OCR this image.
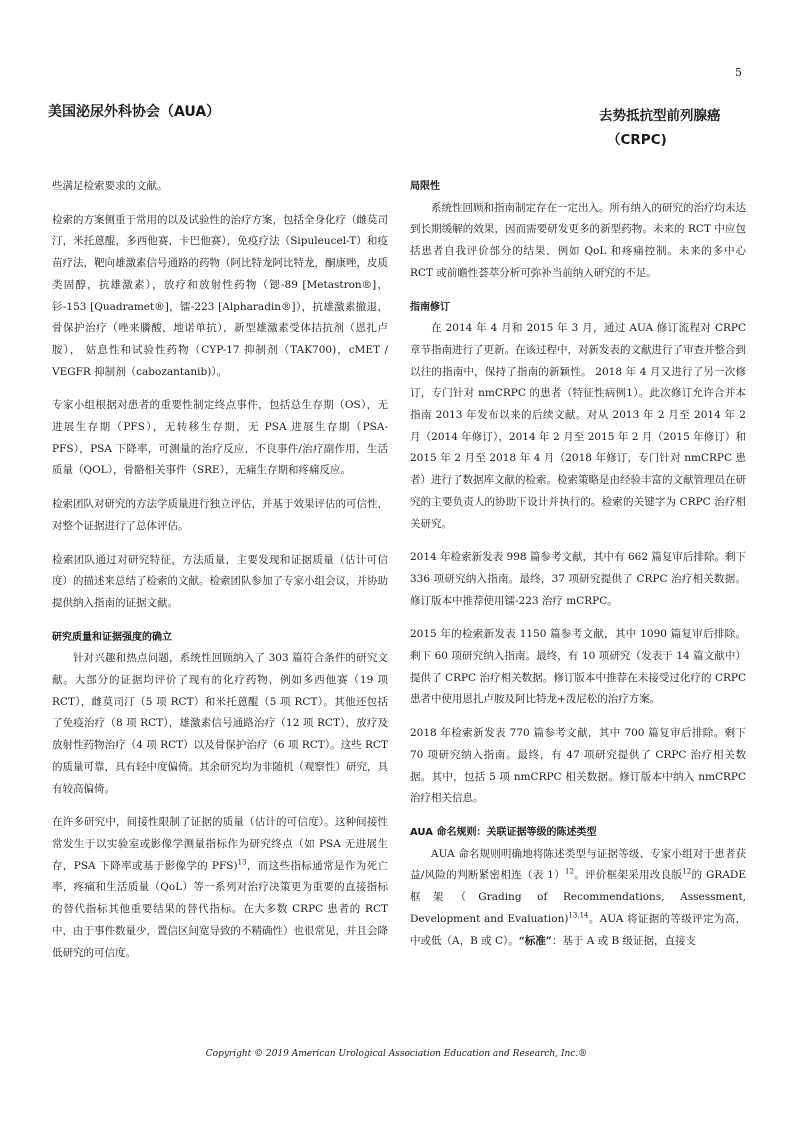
5
美国泌尿外科协会（AUA）	去势抵抗型前列腺癌
（CRPC)

些满足检索要求的文献。

检索的方案侧重于常用的以及试验性的治疗方案，包括全身化疗（雌莫司汀，米托蒽醌，多西他赛，卡巴他赛），免疫疗法（Sipuleucel-T）和疫苗疗法，靶向雄激素信号通路的药物（阿比特龙阿比特龙，酮康唑，皮质类固醇，抗雄激素），放疗和放射性药物（锶-89 [Metastron®]，钐-153 [Quadramet®]，镭-223 [Alpharadin®]），抗雄激素撤退，骨保护治疗（唑来膦酸，地诺单抗），新型雄激素受体拮抗剂（恩扎卢胺）， 姑息性和试验性药物（CYP-17 抑制剂（TAK700)，cMET / VEGFR 抑制剂（cabozantanib)）。

专家小组根据对患者的重要性制定终点事件，包括总生存期（OS），无进展生存期（PFS），无转移生存期，无 PSA 进展生存期（PSA-PFS），PSA 下降率，可测量的治疗反应，不良事件/治疗副作用，生活质量（QOL），骨骼相关事件（SRE），无痛生存期和疼痛反应。

检索团队对研究的方法学质量进行独立评估，并基于效果评估的可信性，对整个证据进行了总体评估。

检索团队通过对研究特征，方法质量，主要发现和证据质量（估计可信度）的描述来总结了检索的文献。检索团队参加了专家小组会议，并协助提供纳入指南的证据文献。

研究质量和证据强度的确立

针对兴趣和热点问题，系统性回顾纳入了 303 篇符合条件的研究文献。大部分的证据均评价了现有的化疗药物，例如多西他赛（19 项 RCT），雌莫司汀（5 项 RCT）和米托蒽醌（5 项 RCT）。其他还包括了免疫治疗（8 项 RCT），雄激素信号通路治疗（12 项 RCT），放疗及放射性药物治疗（4 项 RCT）以及骨保护治疗（6 项 RCT）。这些 RCT 的质量可靠，具有轻中度偏倚。其余研究均为非随机（观察性）研究，具有较高偏倚。

在许多研究中，间接性限制了证据的质量（估计的可信度）。这种间接性常发生于以实验室或影像学测量指标作为研究终点（如 PSA 无进展生存，PSA 下降率或基于影像学的 PFS)$^{13}$，而这些指标通常是作为死亡率，疼痛和生活质量（QoL）等一系列对治疗决策更为重要的直接指标的替代指标其他重要结果的替代指标。在大多数 CRPC 患者的 RCT 中，由于事件数量少，置信区间宽导致的不精确性）也很常见，并且会降低研究的可信度。

局限性

系统性回顾和指南制定存在一定出入。所有纳入的研究的治疗均未达到长期缓解的效果，因而需要研发更多的新型药物。未来的 RCT 中应包括患者自我评价部分的结果，例如 QoL 和疼痛控制。未来的多中心 RCT 或前瞻性荟萃分析可弥补当前纳入研究的不足。

指南修订

在 2014 年 4 月和 2015 年 3 月，通过 AUA 修订流程对 CRPC 章节指南进行了更新。在该过程中，对新发表的文献进行了审查并整合到以往的指南中，保持了指南的新颖性。 2018 年 4 月又进行了另一次修订，专门针对 nmCRPC 的患者（特征性病例1）。此次修订允许合并本指南 2013 年发布以来的后续文献。对从 2013 年 2 月至 2014 年 2 月（2014 年修订），2014 年 2 月至 2015 年 2 月（2015 年修订）和 2015 年 2 月至 2018 年 4 月（2018 年修订，专门针对 nmCRPC 患者）进行了数据库文献的检索。检索策略是由经验丰富的文献管理员在研究的主要负责人的协助下设计并执行的。检索的关键字为 CRPC 治疗相关研究。

2014 年检索新发表 998 篇参考文献，其中有 662 篇复审后排除。剩下 336 项研究纳入指南。最终，37 项研究提供了 CRPC 治疗相关数据。修订版本中推荐使用镭-223 治疗 mCRPC。

2015 年的检索新发表 1150 篇参考文献，其中 1090 篇复审后排除。剩下 60 项研究纳入指南。最终，有 10 项研究（发表于 14 篇文献中）提供了 CRPC 治疗相关数据。修订版本中推荐在未接受过化疗的 CRPC 患者中使用恩扎卢胺及阿比特龙+泼尼松的治疗方案。

2018 年检索新发表 770 篇参考文献，其中 700 篇复审后排除。剩下 70 项研究纳入指南。最终，有 47 项研究提供了 CRPC 治疗相关数据。其中，包括 5 项 nmCRPC 相关数据。修订版本中纳入 nmCRPC 治疗相关信息。

AUA 命名规则：关联证据等级的陈述类型

AUA 命名规则明确地将陈述类型与证据等级、专家小组对于患者获益/风险的判断紧密相连（表 1）$^{12}$。评价框架采用改良版$^{12}$的 GRADE 框架（Grading of Recommendations, Assessment, Development and Evaluation)$^{13,14}$。AUA 将证据的等级评定为高，中或低（A，B 或 C）。“标准”：基于 A 或 B 级证据，直接支

Copyright © 2019 American Urological Association Education and Research, Inc.®
